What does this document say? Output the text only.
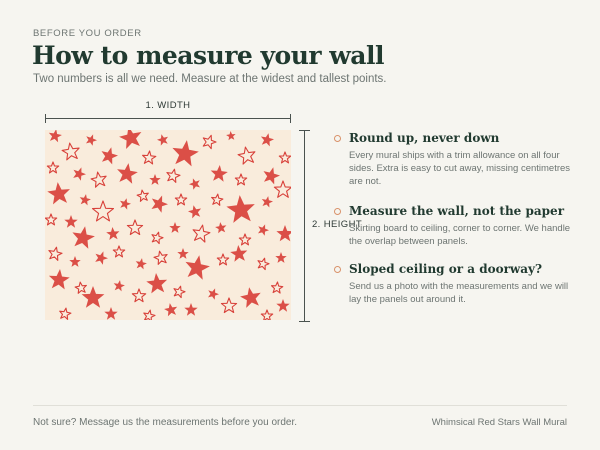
BEFORE YOU ORDER
How to measure your wall
Two numbers is all we need. Measure at the widest and tallest points.
1. WIDTH
2. HEIGHT
Round up, never down
Every mural ships with a trim allowance on all four sides. Extra is easy to cut away, missing centimetres are not.
Measure the wall, not the paper
Skirting board to ceiling, corner to corner. We handle the overlap between panels.
Sloped ceiling or a doorway?
Send us a photo with the measurements and we will lay the panels out around it.
Not sure? Message us the measurements before you order.	Whimsical Red Stars Wall Mural
